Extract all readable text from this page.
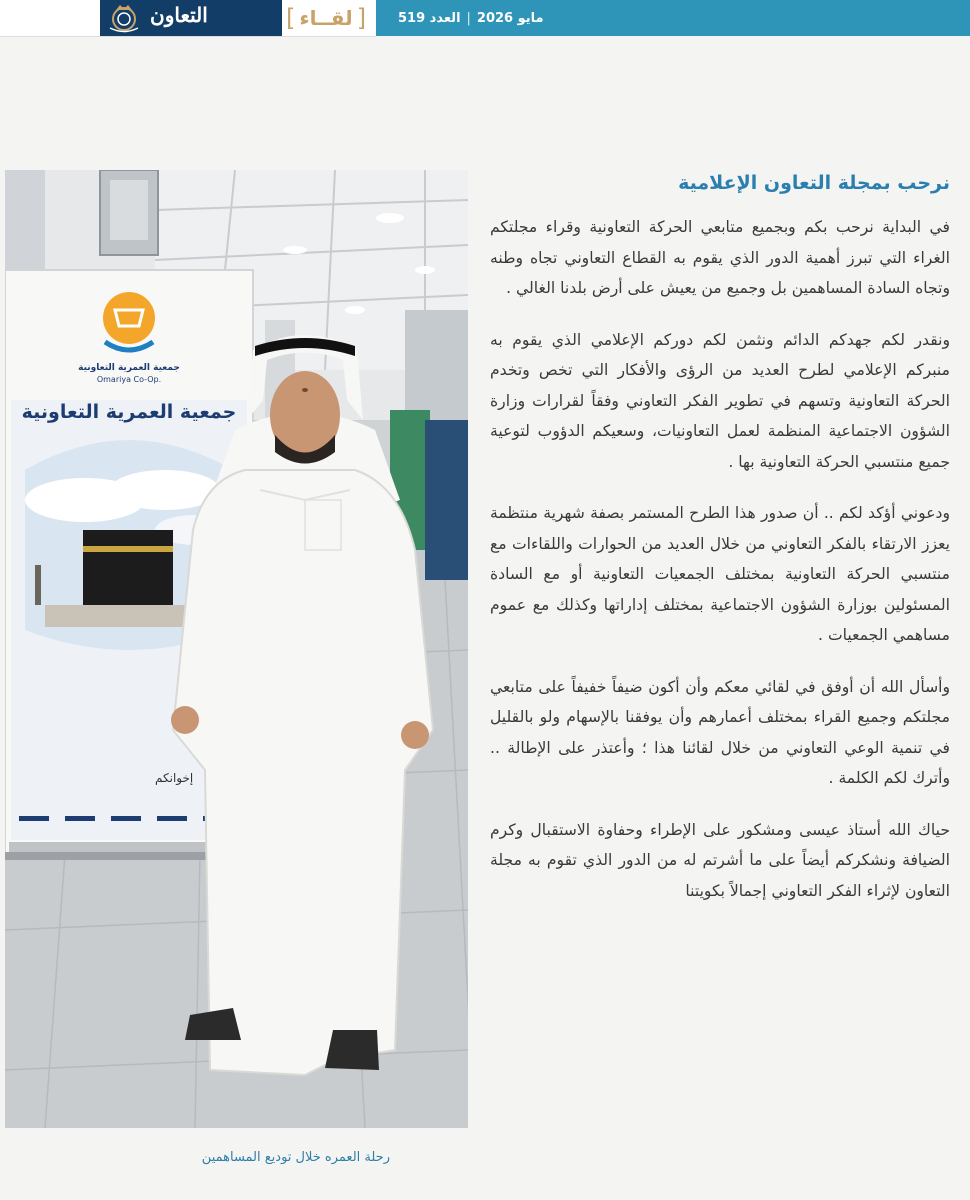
مايو 2026
|
العدد 519
[ لقــاء ]
التعاون
جمعية العمرية التعاونية
Omariya Co-Op.
جمعية العمرية التعاونية
إخوانكم
رحلة العمره خلال توديع المساهمين
نرحب بمجلة التعاون الإعلامية

في البداية نرحب بكم وبجميع متابعي الحركة التعاونية وقراء مجلتكم الغراء التي تبرز أهمية الدور الذي يقوم به القطاع التعاوني تجاه وطنه وتجاه السادة المساهمين بل وجميع من يعيش على أرض بلدنا الغالي .

ونقدر لكم جهدكم الدائم ونثمن لكم دوركم الإعلامي الذي يقوم به منبركم الإعلامي لطرح العديد من الرؤى والأفكار التي تخص وتخدم الحركة التعاونية وتسهم في تطوير الفكر التعاوني وفقاً لقرارات وزارة الشؤون الاجتماعية المنظمة لعمل التعاونيات، وسعيكم الدؤوب لتوعية جميع منتسبي الحركة التعاونية بها .

ودعوني أؤكد لكم .. أن صدور هذا الطرح المستمر بصفة شهرية منتظمة يعزز الارتقاء بالفكر التعاوني من خلال العديد من الحوارات واللقاءات مع منتسبي الحركة التعاونية بمختلف الجمعيات التعاونية أو مع السادة المسئولين بوزارة الشؤون الاجتماعية بمختلف إداراتها وكذلك مع عموم مساهمي الجمعيات .

وأسأل الله أن أوفق في لقائي معكم وأن أكون ضيفاً خفيفاً على متابعي مجلتكم وجميع القراء بمختلف أعمارهم وأن يوفقنا بالإسهام ولو بالقليل في تنمية الوعي التعاوني من خلال لقائنا هذا ؛ وأعتذر على الإطالة .. وأترك لكم الكلمة .

حياك الله أستاذ عيسى ومشكور على الإطراء وحفاوة الاستقبال وكرم الضيافة ونشكركم أيضاً على ما أشرتم له من الدور الذي تقوم به مجلة التعاون لإثراء الفكر التعاوني إجمالاً بكويتنا
